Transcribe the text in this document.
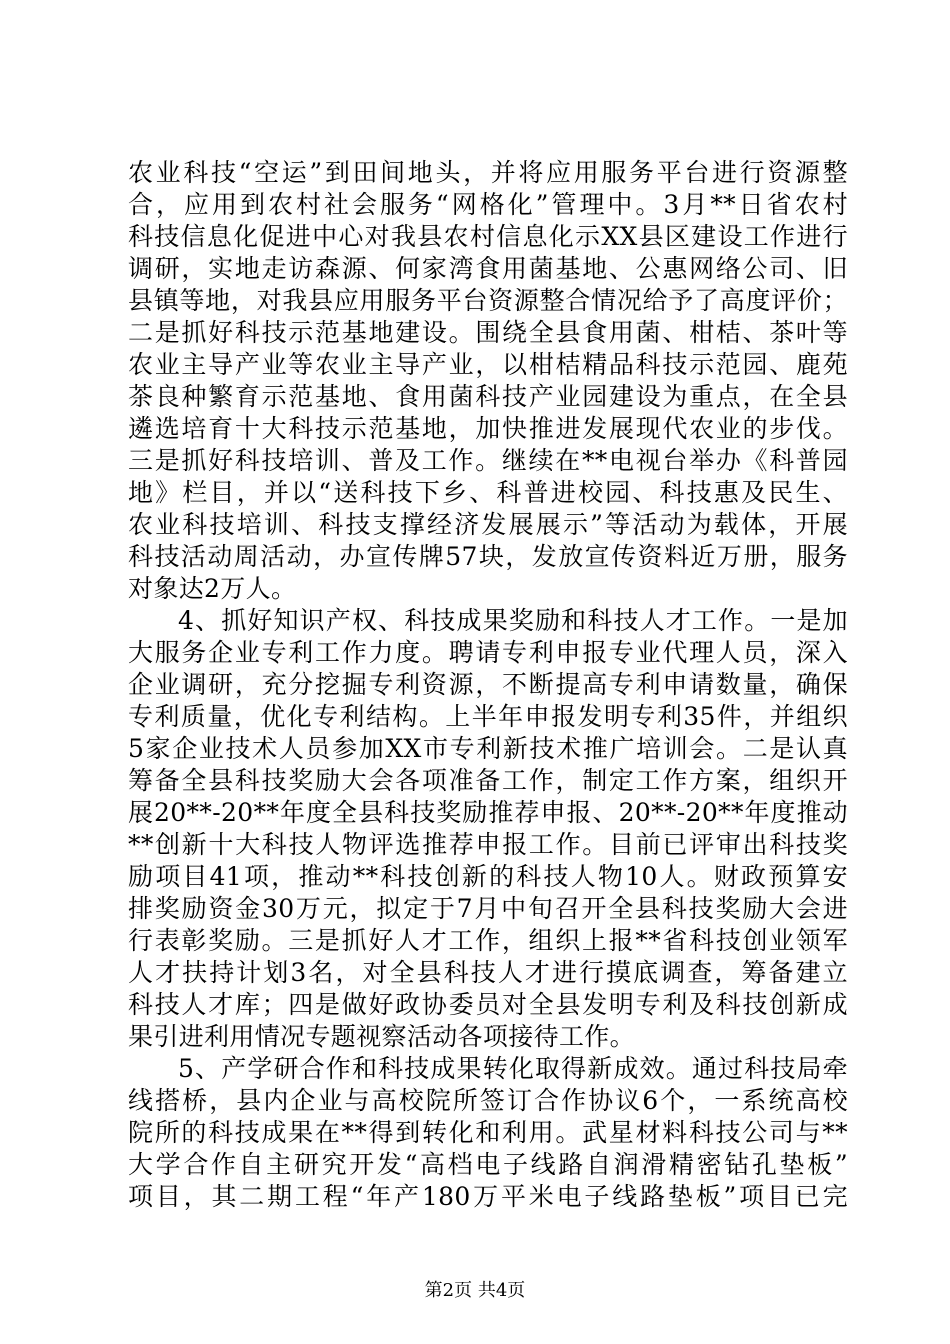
农业科技“空运”到田间地头，并将应用服务平台进行资源整
合，应用到农村社会服务“网格化”管理中。3月**日省农村
科技信息化促进中心对我县农村信息化示XX县区建设工作进行
调研，实地走访森源、何家湾食用菌基地、公惠网络公司、旧
县镇等地，对我县应用服务平台资源整合情况给予了高度评价；
二是抓好科技示范基地建设。围绕全县食用菌、柑桔、茶叶等
农业主导产业等农业主导产业，以柑桔精品科技示范园、鹿苑
茶良种繁育示范基地、食用菌科技产业园建设为重点，在全县
遴选培育十大科技示范基地，加快推进发展现代农业的步伐。
三是抓好科技培训、普及工作。继续在**电视台举办《科普园
地》栏目，并以“送科技下乡、科普进校园、科技惠及民生、
农业科技培训、科技支撑经济发展展示”等活动为载体，开展
科技活动周活动，办宣传牌57块，发放宣传资料近万册，服务
对象达2万人。
4、抓好知识产权、科技成果奖励和科技人才工作。一是加
大服务企业专利工作力度。聘请专利申报专业代理人员，深入
企业调研，充分挖掘专利资源，不断提高专利申请数量，确保
专利质量，优化专利结构。上半年申报发明专利35件，并组织
5家企业技术人员参加XX市专利新技术推广培训会。二是认真
筹备全县科技奖励大会各项准备工作，制定工作方案，组织开
展20**-20**年度全县科技奖励推荐申报、20**-20**年度推动
**创新十大科技人物评选推荐申报工作。目前已评审出科技奖
励项目41项，推动**科技创新的科技人物10人。财政预算安
排奖励资金30万元，拟定于7月中旬召开全县科技奖励大会进
行表彰奖励。三是抓好人才工作，组织上报**省科技创业领军
人才扶持计划3名，对全县科技人才进行摸底调查，筹备建立
科技人才库；四是做好政协委员对全县发明专利及科技创新成
果引进利用情况专题视察活动各项接待工作。
5、产学研合作和科技成果转化取得新成效。通过科技局牵
线搭桥，县内企业与高校院所签订合作协议6个，一系统高校
院所的科技成果在**得到转化和利用。武星材料科技公司与**
大学合作自主研究开发“高档电子线路自润滑精密钻孔垫板”
项目，其二期工程“年产180万平米电子线路垫板”项目已完
第2页 共4页
